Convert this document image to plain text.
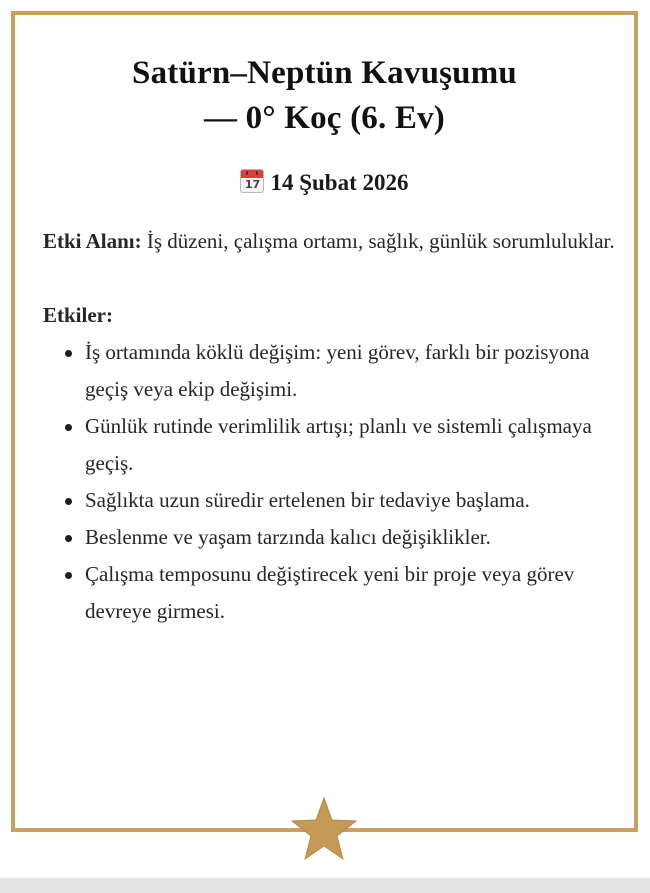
Satürn–Neptün Kavuşumu
— 0° Koç (6. Ev)
17 14 Şubat 2026
Etki Alanı: İş düzeni, çalışma ortamı, sağlık, günlük sorumluluklar.
Etkiler:
İş ortamında köklü değişim: yeni görev, farklı bir pozisyona geçiş veya ekip değişimi.
Günlük rutinde verimlilik artışı; planlı ve sistemli çalışmaya geçiş.
Sağlıkta uzun süredir ertelenen bir tedaviye başlama.
Beslenme ve yaşam tarzında kalıcı değişiklikler.
Çalışma temposunu değiştirecek yeni bir proje veya görev devreye girmesi.
